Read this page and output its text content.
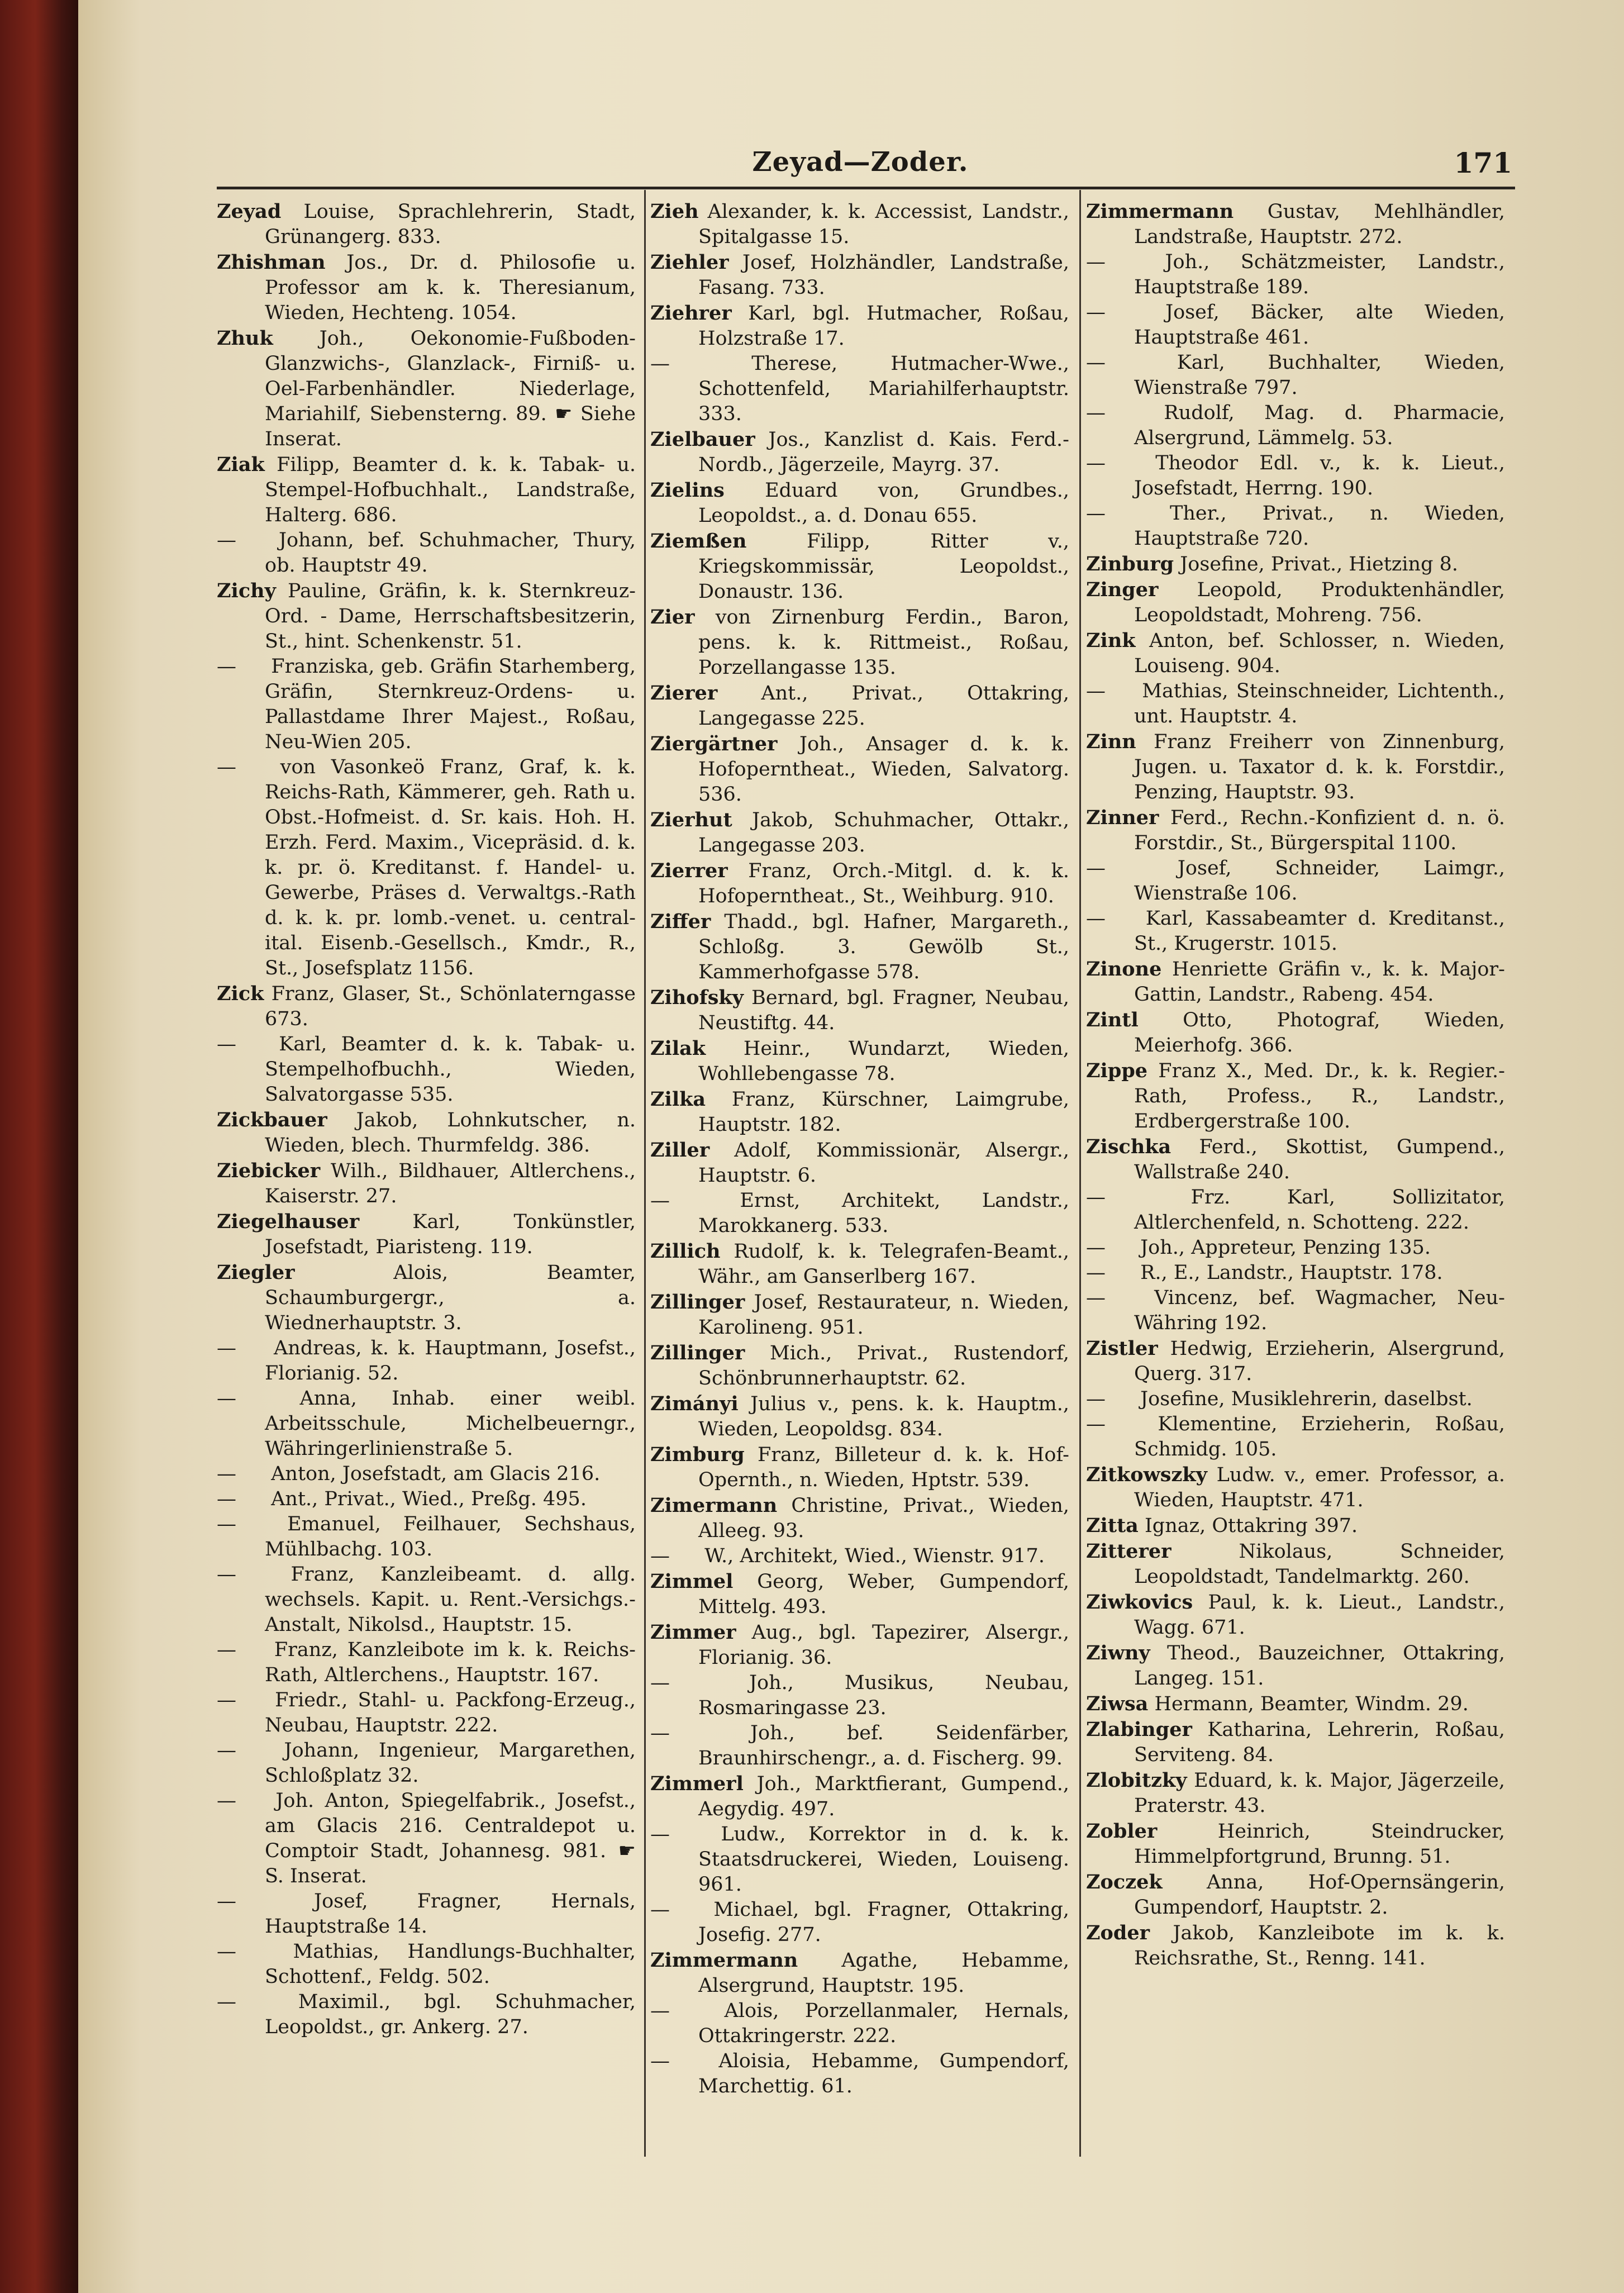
Zeyad—Zoder.	171

Zeyad Louise, Sprachlehrerin, Stadt, Grünangerg. 833.

Zhishman Jos., Dr. d. Philosofie u. Professor am k. k. Theresianum, Wieden, Hechteng. 1054.

Zhuk Joh., Oekonomie-Fußboden-Glanzwichs-, Glanzlack-, Firniß- u. Oel-Farbenhändler. Niederlage, Mariahilf, Siebensterng. 89. ☛ Siehe Inserat.

Ziak Filipp, Beamter d. k. k. Tabak- u. Stempel-Hofbuchhalt., Landstraße, Halterg. 686.

— Johann, bef. Schuhmacher, Thury, ob. Hauptstr 49.

Zichy Pauline, Gräfin, k. k. Sternkreuz-Ord. - Dame, Herrschaftsbesitzerin, St., hint. Schenkenstr. 51.

— Franziska, geb. Gräfin Starhemberg, Gräfin, Sternkreuz-Ordens- u. Pallastdame Ihrer Majest., Roßau, Neu-Wien 205.

— von Vasonkeö Franz, Graf, k. k. Reichs-Rath, Kämmerer, geh. Rath u. Obst.-Hofmeist. d. Sr. kais. Hoh. H. Erzh. Ferd. Maxim., Vicepräsid. d. k. k. pr. ö. Kreditanst. f. Handel- u. Gewerbe, Präses d. Verwaltgs.-Rath d. k. k. pr. lomb.-venet. u. central-ital. Eisenb.-Gesellsch., Kmdr., R., St., Josefsplatz 1156.

Zick Franz, Glaser, St., Schönlaterngasse 673.

— Karl, Beamter d. k. k. Tabak- u. Stempelhofbuchh., Wieden, Salvatorgasse 535.

Zickbauer Jakob, Lohnkutscher, n. Wieden, blech. Thurmfeldg. 386.

Ziebicker Wilh., Bildhauer, Altlerchens., Kaiserstr. 27.

Ziegelhauser Karl, Tonkünstler, Josefstadt, Piaristeng. 119.

Ziegler Alois, Beamter, Schaumburgergr., a. Wiednerhauptstr. 3.

— Andreas, k. k. Hauptmann, Josefst., Florianig. 52.

— Anna, Inhab. einer weibl. Arbeitsschule, Michelbeuerngr., Währingerlinienstraße 5.

— Anton, Josefstadt, am Glacis 216.

— Ant., Privat., Wied., Preßg. 495.

— Emanuel, Feilhauer, Sechshaus, Mühlbachg. 103.

— Franz, Kanzleibeamt. d. allg. wechsels. Kapit. u. Rent.-Versichgs.-Anstalt, Nikolsd., Hauptstr. 15.

— Franz, Kanzleibote im k. k. Reichs-Rath, Altlerchens., Hauptstr. 167.

— Friedr., Stahl- u. Packfong-Erzeug., Neubau, Hauptstr. 222.

— Johann, Ingenieur, Margarethen, Schloßplatz 32.

— Joh. Anton, Spiegelfabrik., Josefst., am Glacis 216. Centraldepot u. Comptoir Stadt, Johannesg. 981. ☛ S. Inserat.

— Josef, Fragner, Hernals, Hauptstraße 14.

— Mathias, Handlungs-Buchhalter, Schottenf., Feldg. 502.

— Maximil., bgl. Schuhmacher, Leopoldst., gr. Ankerg. 27.

Zieh Alexander, k. k. Accessist, Landstr., Spitalgasse 15.

Ziehler Josef, Holzhändler, Landstraße, Fasang. 733.

Ziehrer Karl, bgl. Hutmacher, Roßau, Holzstraße 17.

— Therese, Hutmacher-Wwe., Schottenfeld, Mariahilferhauptstr. 333.

Zielbauer Jos., Kanzlist d. Kais. Ferd.-Nordb., Jägerzeile, Mayrg. 37.

Zielins Eduard von, Grundbes., Leopoldst., a. d. Donau 655.

Ziemßen Filipp, Ritter v., Kriegskommissär, Leopoldst., Donaustr. 136.

Zier von Zirnenburg Ferdin., Baron, pens. k. k. Rittmeist., Roßau, Porzellangasse 135.

Zierer Ant., Privat., Ottakring, Langegasse 225.

Ziergärtner Joh., Ansager d. k. k. Hofoperntheat., Wieden, Salvatorg. 536.

Zierhut Jakob, Schuhmacher, Ottakr., Langegasse 203.

Zierrer Franz, Orch.-Mitgl. d. k. k. Hofoperntheat., St., Weihburg. 910.

Ziffer Thadd., bgl. Hafner, Margareth., Schloßg. 3. Gewölb St., Kammerhofgasse 578.

Zihofsky Bernard, bgl. Fragner, Neubau, Neustiftg. 44.

Zilak Heinr., Wundarzt, Wieden, Wohllebengasse 78.

Zilka Franz, Kürschner, Laimgrube, Hauptstr. 182.

Ziller Adolf, Kommissionär, Alsergr., Hauptstr. 6.

— Ernst, Architekt, Landstr., Marokkanerg. 533.

Zillich Rudolf, k. k. Telegrafen-Beamt., Währ., am Ganserlberg 167.

Zillinger Josef, Restaurateur, n. Wieden, Karolineng. 951.

Zillinger Mich., Privat., Rustendorf, Schönbrunnerhauptstr. 62.

Zimányi Julius v., pens. k. k. Hauptm., Wieden, Leopoldsg. 834.

Zimburg Franz, Billeteur d. k. k. Hof-Opernth., n. Wieden, Hptstr. 539.

Zimermann Christine, Privat., Wieden, Alleeg. 93.

— W., Architekt, Wied., Wienstr. 917.

Zimmel Georg, Weber, Gumpendorf, Mittelg. 493.

Zimmer Aug., bgl. Tapezirer, Alsergr., Florianig. 36.

— Joh., Musikus, Neubau, Rosmaringasse 23.

— Joh., bef. Seidenfärber, Braunhirschengr., a. d. Fischerg. 99.

Zimmerl Joh., Marktfierant, Gumpend., Aegydig. 497.

— Ludw., Korrektor in d. k. k. Staatsdruckerei, Wieden, Louiseng. 961.

— Michael, bgl. Fragner, Ottakring, Josefig. 277.

Zimmermann Agathe, Hebamme, Alsergrund, Hauptstr. 195.

— Alois, Porzellanmaler, Hernals, Ottakringerstr. 222.

— Aloisia, Hebamme, Gumpendorf, Marchettig. 61.

Zimmermann Gustav, Mehlhändler, Landstraße, Hauptstr. 272.

— Joh., Schätzmeister, Landstr., Hauptstraße 189.

— Josef, Bäcker, alte Wieden, Hauptstraße 461.

— Karl, Buchhalter, Wieden, Wienstraße 797.

— Rudolf, Mag. d. Pharmacie, Alsergrund, Lämmelg. 53.

— Theodor Edl. v., k. k. Lieut., Josefstadt, Herrng. 190.

— Ther., Privat., n. Wieden, Hauptstraße 720.

Zinburg Josefine, Privat., Hietzing 8.

Zinger Leopold, Produktenhändler, Leopoldstadt, Mohreng. 756.

Zink Anton, bef. Schlosser, n. Wieden, Louiseng. 904.

— Mathias, Steinschneider, Lichtenth., unt. Hauptstr. 4.

Zinn Franz Freiherr von Zinnenburg, Jugen. u. Taxator d. k. k. Forstdir., Penzing, Hauptstr. 93.

Zinner Ferd., Rechn.-Konfizient d. n. ö. Forstdir., St., Bürgerspital 1100.

— Josef, Schneider, Laimgr., Wienstraße 106.

— Karl, Kassabeamter d. Kreditanst., St., Krugerstr. 1015.

Zinone Henriette Gräfin v., k. k. Major-Gattin, Landstr., Rabeng. 454.

Zintl Otto, Photograf, Wieden, Meierhofg. 366.

Zippe Franz X., Med. Dr., k. k. Regier.-Rath, Profess., R., Landstr., Erdbergerstraße 100.

Zischka Ferd., Skottist, Gumpend., Wallstraße 240.

— Frz. Karl, Sollizitator, Altlerchenfeld, n. Schotteng. 222.

— Joh., Appreteur, Penzing 135.

— R., E., Landstr., Hauptstr. 178.

— Vincenz, bef. Wagmacher, Neu-Währing 192.

Zistler Hedwig, Erzieherin, Alsergrund, Querg. 317.

— Josefine, Musiklehrerin, daselbst.

— Klementine, Erzieherin, Roßau, Schmidg. 105.

Zitkowszky Ludw. v., emer. Professor, a. Wieden, Hauptstr. 471.

Zitta Ignaz, Ottakring 397.

Zitterer Nikolaus, Schneider, Leopoldstadt, Tandelmarktg. 260.

Ziwkovics Paul, k. k. Lieut., Landstr., Wagg. 671.

Ziwny Theod., Bauzeichner, Ottakring, Langeg. 151.

Ziwsa Hermann, Beamter, Windm. 29.

Zlabinger Katharina, Lehrerin, Roßau, Serviteng. 84.

Zlobitzky Eduard, k. k. Major, Jägerzeile, Praterstr. 43.

Zobler Heinrich, Steindrucker, Himmelpfortgrund, Brunng. 51.

Zoczek Anna, Hof-Opernsängerin, Gumpendorf, Hauptstr. 2.

Zoder Jakob, Kanzleibote im k. k. Reichsrathe, St., Renng. 141.
